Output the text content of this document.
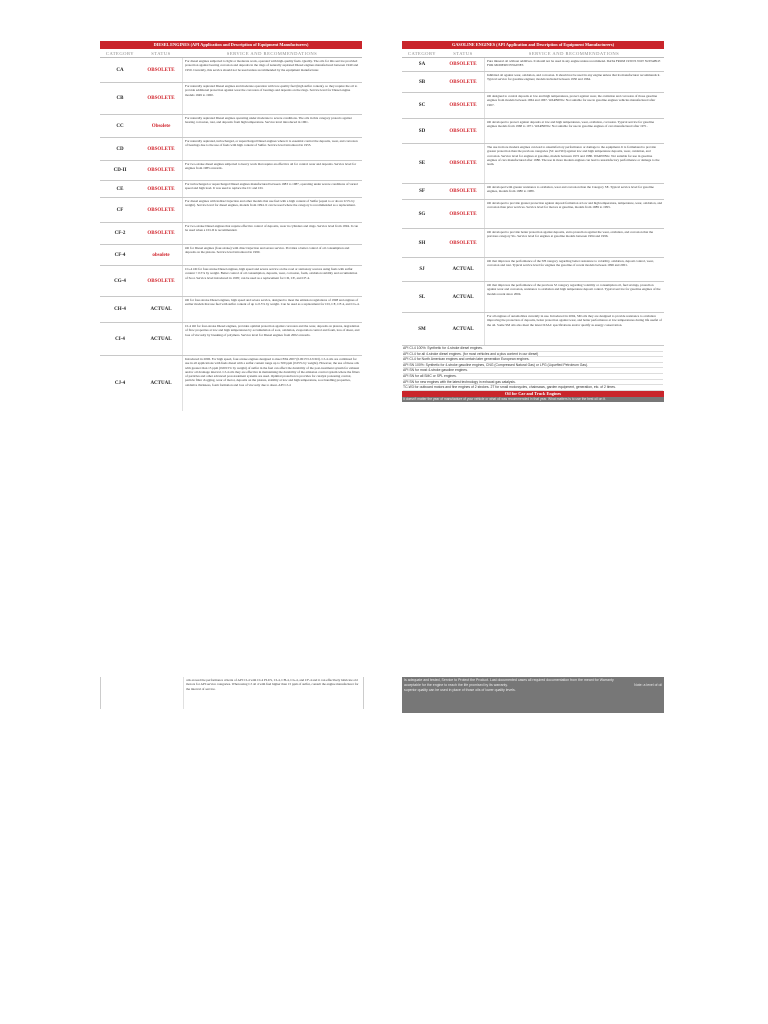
DIESEL ENGINES (API Application and Description of Equipment Manufacturers)
CATEGORY	STATUS	SERVICE AND RECOMMENDATIONS
CA	OBSOLETE
For diesel engines subjected to light or moderate work, operated with high-quality fuels. Quality. The oils for this service provided protection against bearing corrosion and deposits in the rings of naturally aspirated Diesel engines manufactured between 1940 and 1950. Currently, this service should not be used unless recommended by the equipment manufacturer.
CB	OBSOLETE
For naturally aspirated Diesel engines and moderate operation with low-quality fuel (high sulfur content), so they require the oil to provide additional protection against wear the corrosion of bearings and deposits on the rings. Service level for Diesel engine models 1949 to 1960.
CC	Obsolete
For naturally aspirated Diesel engines operating under moderate to severe conditions. The oils in this category protects against bearing corrosion, rust, and deposits from high temperature. Service level introduced in 1961.
CD	OBSOLETE
For naturally aspirated, turbocharged, or supercharged Diesel engines where it is essential control the deposits, wear, and corrosion of bearings due to the use of fuels with high content of Sulfur. Service level introduced in 1955.
CD-II	OBSOLETE
For two-stroke diesel engines subjected to heavy work that require an effective oil for control wear and deposits. Service level for engines from 1985 onwards.
CE	OBSOLETE
For turbocharged or supercharged Diesel engines manufactured between 1983 to 1987, operating under severe conditions of varied speed and high load. It was used to replace the CC and CD.
CF	OBSOLETE
For diesel engines with indirect injection and other models that use fuel with a high content of Sulfur (equal to or above 0.5% by weight). Service level for diesel engines, models from 1994. It can be used where the category is recommended as a replacement.
CF-2	OBSOLETE
For two-stroke Diesel engines that require effective control of deposits, wear in cylinders and rings. Service level from 1994. It can be used when a CD-II is recommended.
CF-4	obsolete
Oil for Diesel engines (four-stroke) with direct injection and severe service. Provides a better control of oil consumption and deposits on the pistons. Service level introduced in 1990.
CG-4	OBSOLETE
CG-4 Oil for four-stroke Diesel engines, high speed and severe service on the road or stationary sources using fuels with sulfur content < 0.5% by weight. Better control of oil consumption, deposits, wear, corrosion, foam, oxidation stability and accumulation of Soot. Service level introduced in 1995; can be used as a replacement for CD, CE, and CF-4.
CH-4	ACTUAL
Oil for four-stroke Diesel engines, high speed and severe service, designed to meet the emission regulations of 1998 and engines of earlier models that use fuel with sulfur content of up to 0.5% by weight. Can be used as a replacement for CD, CE, CF-4, and CG-4.
CI-4	ACTUAL
CI-4 Oil for four-stroke Diesel engines, provides optimal protection against corrosion and the wear, deposits on pistons, degradation of flow properties at low and high temperatures by accumulation of soot, oxidation, evaporation control and foam, loss of shear, and loss of viscosity by breaking of polymers. Service level for Diesel engines from 2002 onwards.
CJ-4	ACTUAL
Introduced in 2006. For high speed, four-stroke engines designed to meet EPA 2007 (0.0015% ULSD). CJ-4 oils are combined for use in all applications with fuels diesel with a sulfur content range up to 500 ppm (0.05% by weight). However, the use of these oils with greater than 15 ppm (0.0015% by weight) of sulfur in the fuel can affect the durability of the post-treatment system for exhaust and/or oil drainage interval. CJ-4 oils they are effective in maintaining the durability of the emission control system where the filters of particles and other advanced post-treatment systems are used. Optimal protection is provides for catalyst poisoning control, particle filter clogging, wear of motor, deposits on the pistons, stability at low and high temperature, soot handling properties, oxidative thickness, foam formation and loss of viscosity due to shear. API CJ-4
GASOLINE ENGINES (API Application and Description of Equipment Manufacturers)
CATEGORY	STATUS	SERVICE AND RECOMMENDATIONS
SA	OBSOLETE
Pure mineral oil without additives. It should not be used in any engine unless recommend. DATA FROM 1930 IS NOT SUITABLE FOR MODERN ENGINES
SB	OBSOLETE
Inhibited oil against wear, oxidation, and corrosion. It should not be used in any engine unless that its manufacturer recommends it. Typical service for gasoline engines; models included between 1930 and 1964.
SC	OBSOLETE
Oil designed to control deposits at low and high temperatures, protect against wear, the oxidation and corrosion of those gasoline engines from models between 1964 and 1967. WARNING: Not suitable for use in gasoline engines vehicles manufactured after 1967.
SD	OBSOLETE
Oil developed to protect against deposits at low and high temperatures, wear, oxidation, corrosion. Typical service for gasoline engines models from 1968 to 1971. WARNING: Not suitable for use in gasoline engines of cars manufactured after 1971.
SE	OBSOLETE
The use in more modern engines can lead to unsatisfactory performance or damage to the equipment. It is formulated to provide greater protection than the previous categories (SC and SD) against low and high temperature deposits, wear, oxidation, and corrosion. Service level for engines at gasoline, models between 1972 and 1980. WARNING: Not suitable for use in gasoline engines of cars manufactured after 1980. The use in more modern engines can lead to unsatisfactory performance or damage to the team.
SF	OBSOLETE
Oil developed with greater resistance to oxidation, wear and corrosion than the Category SE. Typical service level for gasoline engines, models from 1980 to 1989.
SG	OBSOLETE
Oil developed to provide greater protection against deposit formation at low and high temperature, temperature, wear, oxidation, and corrosion than prior services. Service level for motors at gasoline, models from 1989 to 1993.
SH	OBSOLETE
Oil developed to provide better protection against deposits, extra protection against the wear, oxidation, and corrosion that the previous category SG. Service level for engines at gasoline models between 1994 and 1996.
SJ	ACTUAL
Oil that improves the performance of the SH category regarding better resistance to volatility, oxidation, deposit control, wear, corrosion and rust. Typical service level for engines the gasoline of recent models between 1996 and 2001.
SL	ACTUAL
Oil that improves the performance of the previous SJ category regarding volatility or consumption oil, fuel savings, protection against wear and corrosion, resistance to oxidation and high temperature deposit control. Typical service for gasoline engines of the models recent since 2004.
SM	ACTUAL
For all engines of automobiles currently in use. Introduced in 2004, SM oils they are designed to provide resistance to oxidation improving the protection of deposits, better protection against wear, and better performance at low temperatures during life useful of the oil. Some SM oils also meet the latest ILSAC specifications and/or qualify as energy conservation.
API CI-4 100%: Synthetic for 4-stroke diesel engines.
API CI-4 for all 4-stroke diesel engines. (for most vehicles and a plus content in our diesel)
API CI-4 for North American engines and certain later generation European engines.
API SN 100%: Synthetic for 4-stroke gasoline engines, CNG (Compressed Natural Gas) or LPG (Liquefied Petroleum Gas).
API SN for most 4-stroke gasoline engines.
API SN for all SMC or SPL engines.
API SN for new engines with the latest technology in exhaust gas catalysis.
TC-W3 for outboard motors and fine engines of 2 strokes. 2T for small motorcycles, chainsaws, garden equipment, generation, etc. of 2 times.
Oil for Car and Truck Engines
It doesn't matter the year of manufacture of your vehicle or what oil was recommended in that year. What matters is to use the best oil on it.
oils exceed the performance criteria of API CI-4 with CI-4 PLUS, CI-4, CH-4, CG-4, and CF-4 and it can effectively lubricate old motors for API service categories. When using CJ oil 4 with fuel higher than 15 ppm of sulfur, consult the engine manufacturer for the interval of service.
Is adequate and tested, Service to Protect the Product. Last documented cases all required documentation from the meant for Warranty
acceptable for the engine to reach the life promised by its warranty.	Note: a level of oil
superior quality can be used in place of those oils of lower quality levels.
